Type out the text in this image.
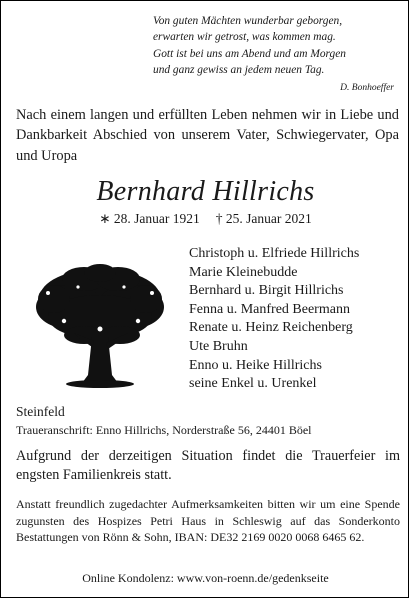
Von guten Mächten wunderbar geborgen,
erwarten wir getrost, was kommen mag.
Gott ist bei uns am Abend und am Morgen
und ganz gewiss an jedem neuen Tag.
D. Bonhoeffer
Nach einem langen und erfüllten Leben nehmen wir in Liebe und Dankbarkeit Abschied von unserem Vater, Schwiegervater, Opa und Uropa
Bernhard Hillrichs
∗ 28. Januar 1921 † 25. Januar 2021
Christoph u. Elfriede Hillrichs
Marie Kleinebudde
Bernhard u. Birgit Hillrichs
Fenna u. Manfred Beermann
Renate u. Heinz Reichenberg
Ute Bruhn
Enno u. Heike Hillrichs
seine Enkel u. Urenkel
Steinfeld
Traueranschrift: Enno Hillrichs, Norderstraße 56, 24401 Böel
Aufgrund der derzeitigen Situation findet die Trauerfeier im engsten Familienkreis statt.
Anstatt freundlich zugedachter Aufmerksamkeiten bitten wir um eine Spende zugunsten des Hospizes Petri Haus in Schleswig auf das Sonderkonto Bestattungen von Rönn & Sohn, IBAN: DE32 2169 0020 0068 6465 62.
Online Kondolenz: www.von-roenn.de/gedenkseite
